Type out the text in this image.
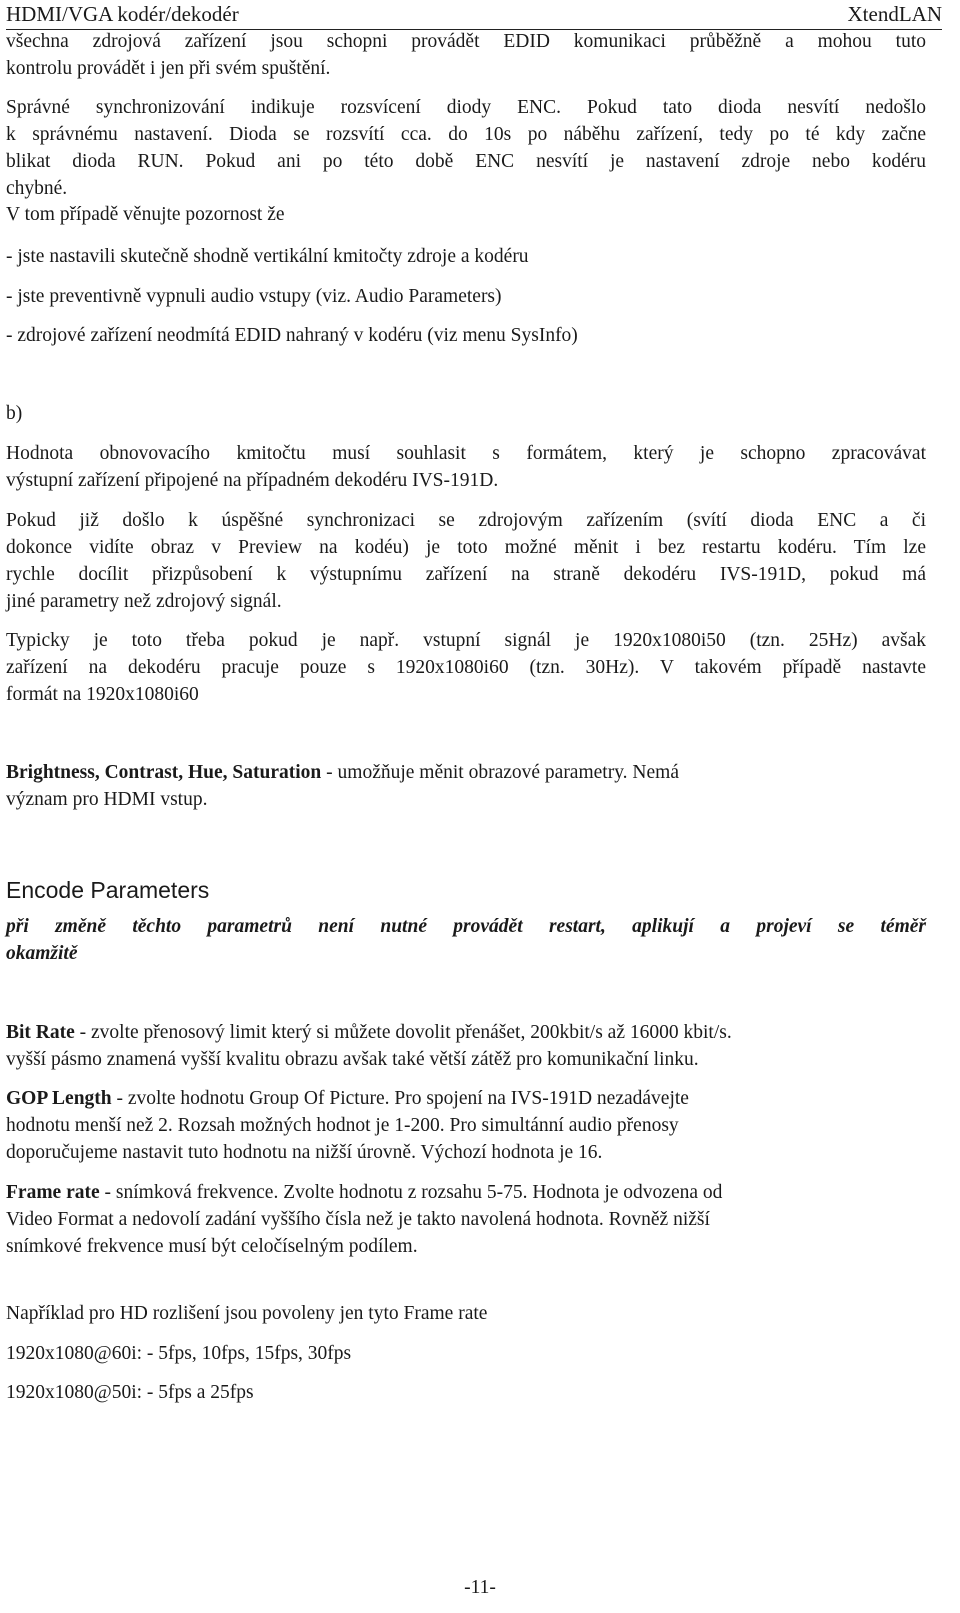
HDMI/VGA kodér/dekodér	XtendLAN
všechna zdrojová zařízení jsou schopni provádět EDID komunikaci průběžně a mohou tuto
kontrolu provádět i jen při svém spuštění.
Správné synchronizování indikuje rozsvícení diody ENC. Pokud tato dioda nesvítí nedošlo
k správnému nastavení. Dioda se rozsvítí cca. do 10s po náběhu zařízení, tedy po té kdy začne
blikat dioda RUN. Pokud ani po této době ENC nesvítí je nastavení zdroje nebo kodéru
chybné.
V tom případě věnujte pozornost že
- jste nastavili skutečně shodně vertikální kmitočty zdroje a kodéru
- jste preventivně vypnuli audio vstupy (viz. Audio Parameters)
- zdrojové zařízení neodmítá EDID nahraný v kodéru (viz menu SysInfo)
b)
Hodnota obnovovacího kmitočtu musí souhlasit s formátem, který je schopno zpracovávat
výstupní zařízení připojené na případném dekodéru IVS-191D.
Pokud již došlo k úspěšné synchronizaci se zdrojovým zařízením (svítí dioda ENC a či
dokonce vidíte obraz v Preview na kodéu) je toto možné měnit i bez restartu kodéru. Tím lze
rychle docílit přizpůsobení k výstupnímu zařízení na straně dekodéru IVS-191D, pokud má
jiné parametry než zdrojový signál.
Typicky je toto třeba pokud je např. vstupní signál je 1920x1080i50 (tzn. 25Hz) avšak
zařízení na dekodéru pracuje pouze s 1920x1080i60 (tzn. 30Hz). V takovém případě nastavte
formát na 1920x1080i60
Brightness, Contrast, Hue, Saturation - umožňuje měnit obrazové parametry. Nemá
význam pro HDMI vstup.
Encode Parameters
při změně těchto parametrů není nutné provádět restart, aplikují a projeví se téměř
okamžitě
Bit Rate - zvolte přenosový limit který si můžete dovolit přenášet, 200kbit/s až 16000 kbit/s.
vyšší pásmo znamená vyšší kvalitu obrazu avšak také větší zátěž pro komunikační linku.
GOP Length - zvolte hodnotu Group Of Picture. Pro spojení na IVS-191D nezadávejte
hodnotu menší než 2. Rozsah možných hodnot je 1-200. Pro simultánní audio přenosy
doporučujeme nastavit tuto hodnotu na nižší úrovně. Výchozí hodnota je 16.
Frame rate - snímková frekvence. Zvolte hodnotu z rozsahu 5-75. Hodnota je odvozena od
Video Format a nedovolí zadání vyššího čísla než je takto navolená hodnota. Rovněž nižší
snímkové frekvence musí být celočíselným podílem.
Například pro HD rozlišení jsou povoleny jen tyto Frame rate
1920x1080@60i: - 5fps, 10fps, 15fps, 30fps
1920x1080@50i: - 5fps a 25fps
-11-
